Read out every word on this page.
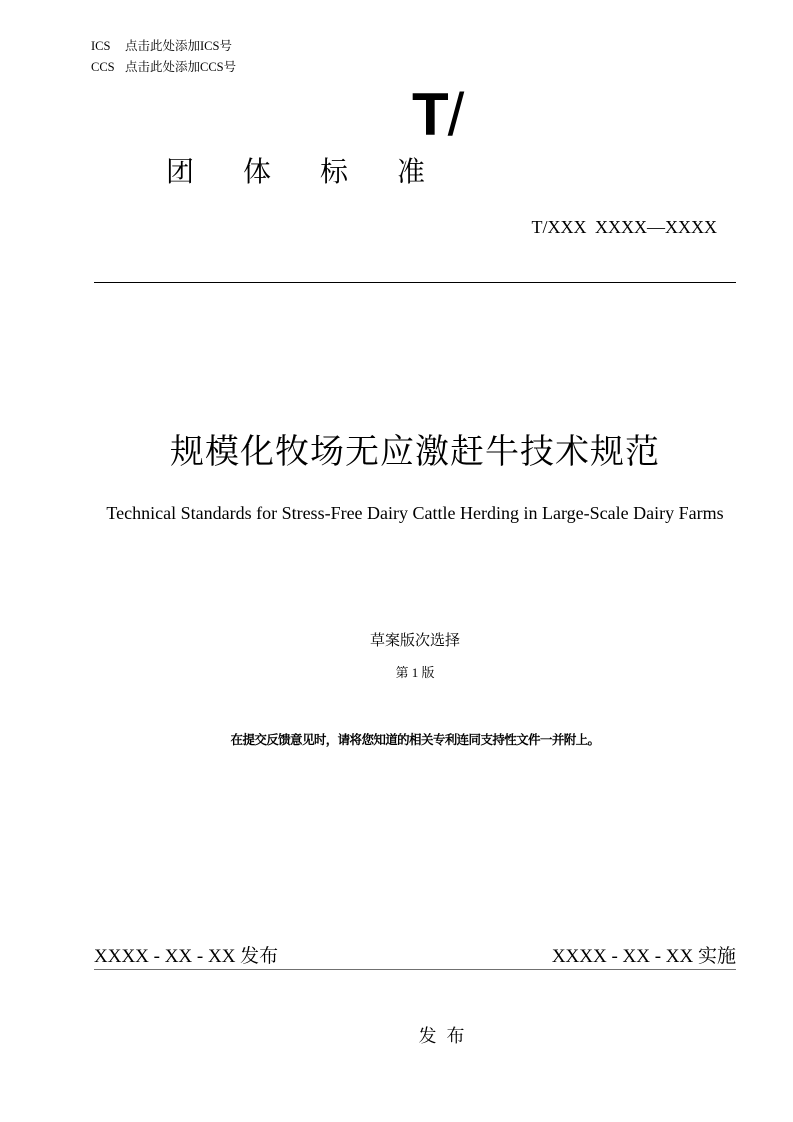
ICS 点击此处添加ICS号
CCS 点击此处添加CCS号
T/
团体标准
T/XXX XXXX—XXXX
规模化牧场无应激赶牛技术规范
Technical Standards for Stress-Free Dairy Cattle Herding in Large-Scale Dairy Farms
草案版次选择
第 1 版
在提交反馈意见时，请将您知道的相关专利连同支持性文件一并附上。
XXXX - XX - XX 发布	XXXX - XX - XX 实施
发布
